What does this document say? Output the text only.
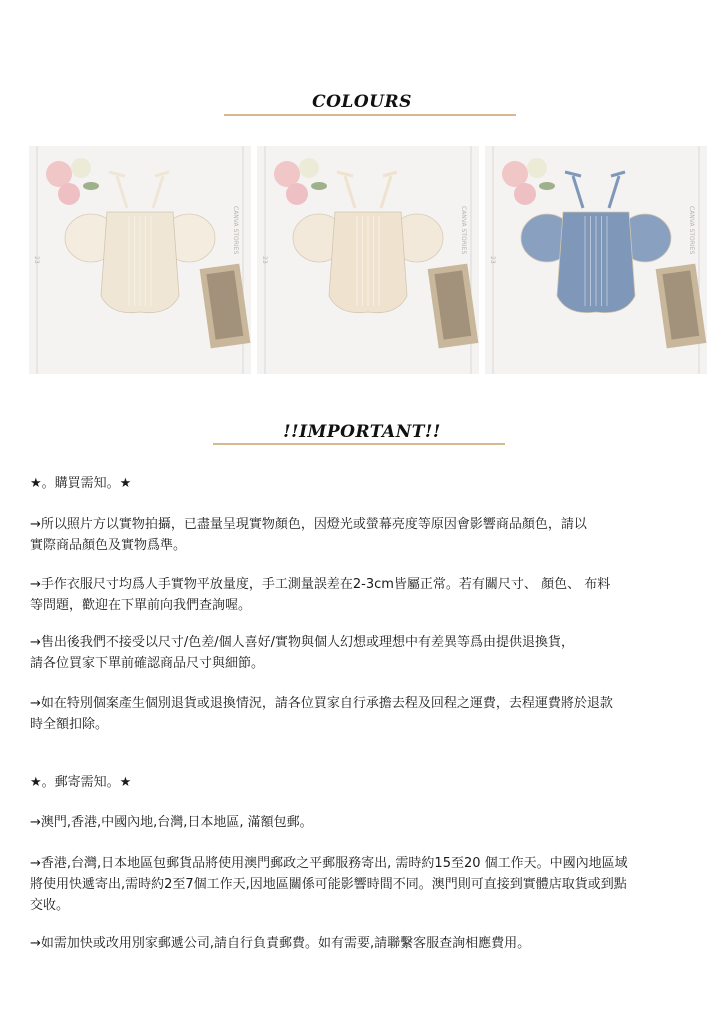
COLOURS
CANVA STORIES
23
CANVA STORIES
23
CANVA STORIES
23
!!IMPORTANT!!
★。購買需知。★
→所以照片方以實物拍攝，已盡量呈現實物顏色，因燈光或螢幕亮度等原因會影響商品顏色，請以
實際商品顏色及實物爲準。
→手作衣服尺寸均爲人手實物平放量度，手工測量誤差在2-3cm皆屬正常。若有關尺寸、 顏色、 布料
等問題，歡迎在下單前向我們查詢喔。
→售出後我們不接受以尺寸/色差/個人喜好/實物與個人幻想或理想中有差異等爲由提供退換貨，
請各位買家下單前確認商品尺寸與細節。
→如在特別個案產生個別退貨或退換情況，請各位買家自行承擔去程及回程之運費，去程運費將於退款
時全額扣除。
★。郵寄需知。★
→澳門,香港,中國內地,台灣,日本地區, 滿額包郵。
→香港,台灣,日本地區包郵貨品將使用澳門郵政之平郵服務寄出, 需時約15至20 個工作天。中國內地區域
將使用快遞寄出,需時約2至7個工作天,因地區關係可能影響時間不同。澳門則可直接到實體店取貨或到點
交收。
→如需加快或改用別家郵遞公司,請自行負責郵費。如有需要,請聯繫客服查詢相應費用。
